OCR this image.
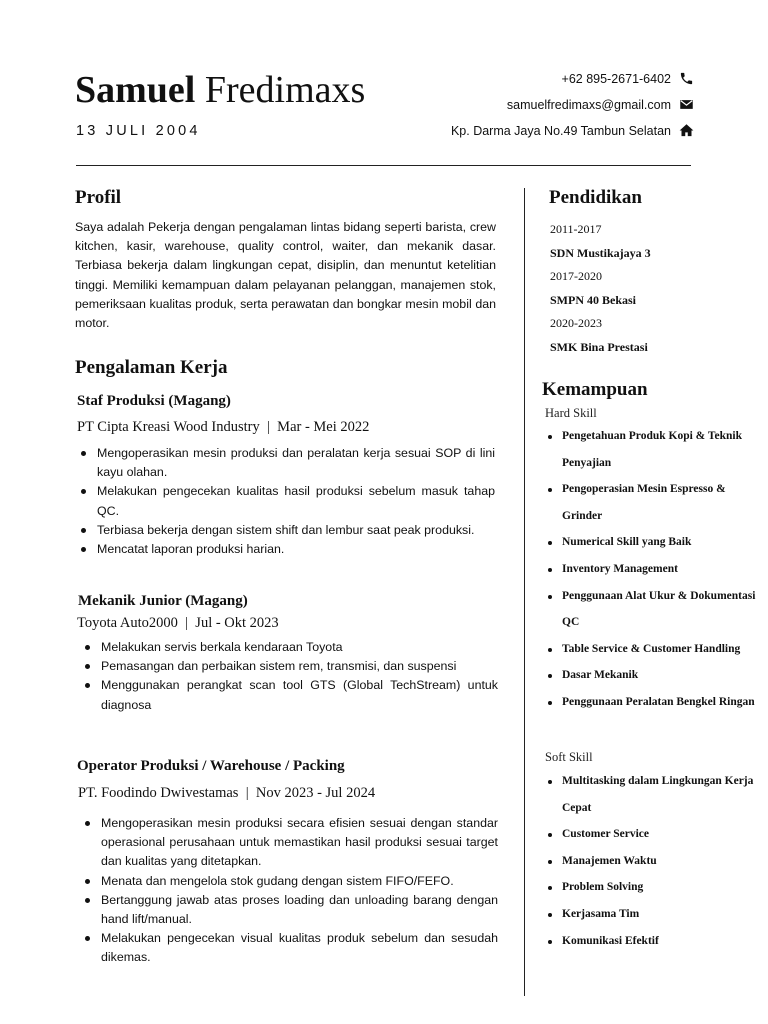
Samuel Fredimaxs
13 JULI 2004
+62 895-2671-6402
samuelfredimaxs@gmail.com
Kp. Darma Jaya No.49 Tambun Selatan
Profil
Saya adalah Pekerja dengan pengalaman lintas bidang seperti barista, crew kitchen, kasir, warehouse, quality control, waiter, dan mekanik dasar. Terbiasa bekerja dalam lingkungan cepat, disiplin, dan menuntut ketelitian tinggi. Memiliki kemampuan dalam pelayanan pelanggan, manajemen stok, pemeriksaan kualitas produk, serta perawatan dan bongkar mesin mobil dan motor.
Pengalaman Kerja
Staf Produksi (Magang)
PT Cipta Kreasi Wood Industry  |  Mar - Mei 2022
Mengoperasikan mesin produksi dan peralatan kerja sesuai SOP di lini kayu olahan.
Melakukan pengecekan kualitas hasil produksi sebelum masuk tahap QC.
Terbiasa bekerja dengan sistem shift dan lembur saat peak produksi.
Mencatat laporan produksi harian.
Mekanik Junior (Magang)
Toyota Auto2000  |  Jul - Okt 2023
Melakukan servis berkala kendaraan Toyota
Pemasangan dan perbaikan sistem rem, transmisi, dan suspensi
Menggunakan perangkat scan tool GTS (Global TechStream) untuk diagnosa
Operator Produksi / Warehouse / Packing
PT. Foodindo Dwivestamas  |  Nov 2023 - Jul 2024
Mengoperasikan mesin produksi secara efisien sesuai dengan standar operasional perusahaan untuk memastikan hasil produksi sesuai target dan kualitas yang ditetapkan.
Menata dan mengelola stok gudang dengan sistem FIFO/FEFO.
Bertanggung jawab atas proses loading dan unloading barang dengan hand lift/manual.
Melakukan pengecekan visual kualitas produk sebelum dan sesudah dikemas.
Pendidikan
2011-2017
SDN Mustikajaya 3
2017-2020
SMPN 40 Bekasi
2020-2023
SMK Bina Prestasi
Kemampuan
Hard Skill
Pengetahuan Produk Kopi & Teknik Penyajian
Pengoperasian Mesin Espresso & Grinder
Numerical Skill yang Baik
Inventory Management
Penggunaan Alat Ukur & Dokumentasi QC
Table Service & Customer Handling
Dasar Mekanik
Penggunaan Peralatan Bengkel Ringan
Soft Skill
Multitasking dalam Lingkungan Kerja Cepat
Customer Service
Manajemen Waktu
Problem Solving
Kerjasama Tim
Komunikasi Efektif
